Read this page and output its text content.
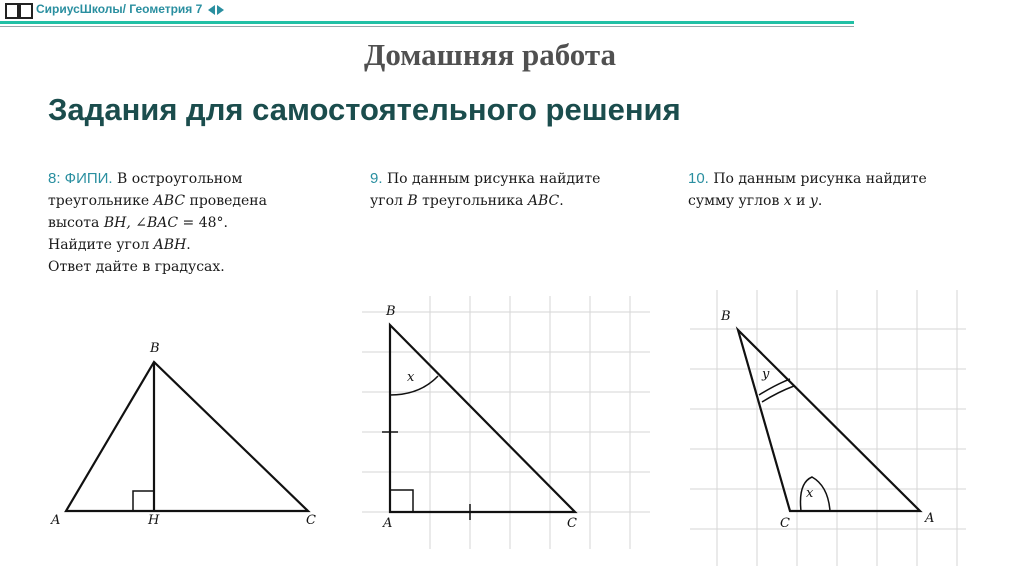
СириусШколы/ Геометрия 7
Домашняя работа
Задания для самостоятельного решения
8: ФИПИ. В остроугольном
треугольнике ABC проведена
высота BH, ∠BAC = 48°.
Найдите угол ABH.
Ответ дайте в градусах.
9. По данным рисунка найдите
угол B треугольника ABC.
10. По данным рисунка найдите
сумму углов x и y.
B
A	H	C
B
A	C
x
B
C	A
y
x
